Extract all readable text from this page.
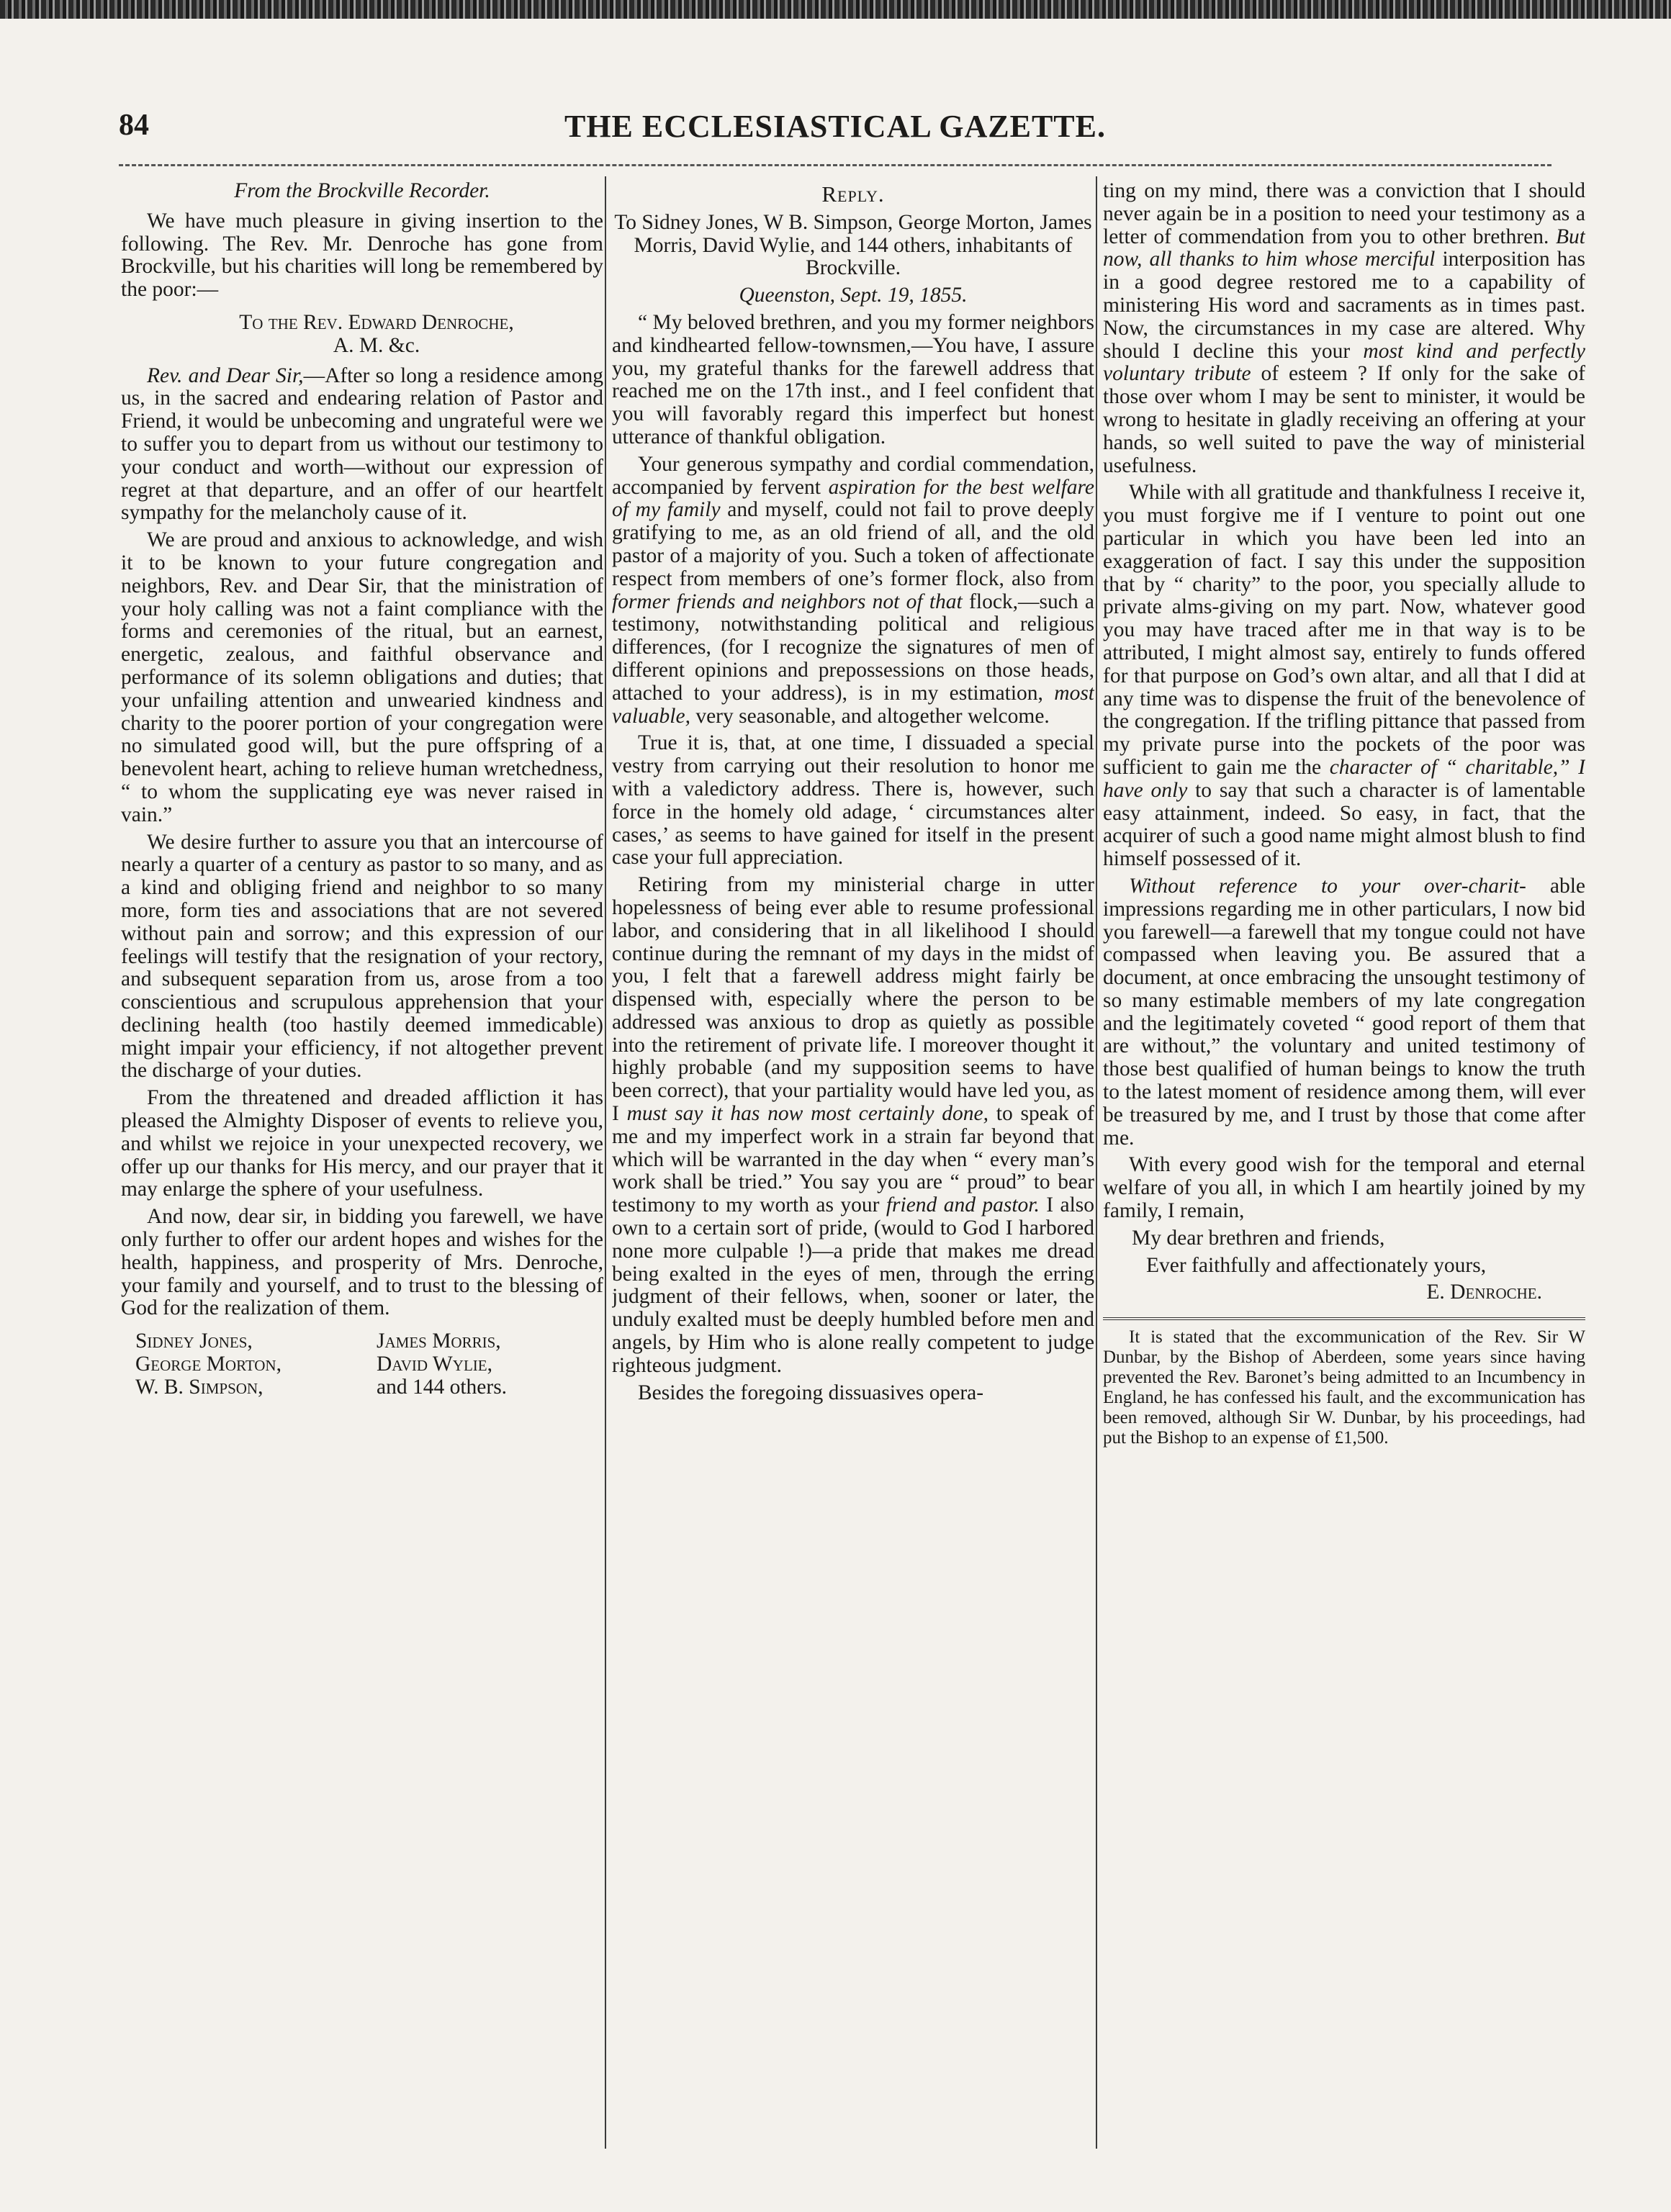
84	THE ECCLESIASTICAL GAZETTE.

From the Brockville Recorder.

We have much pleasure in giving insertion to the following. The Rev. Mr. Denroche has gone from Brockville, but his charities will long be remembered by the poor:—

To the Rev. Edward Denroche,
A. M. &c.

Rev. and Dear Sir,—After so long a residence among us, in the sacred and endearing relation of Pastor and Friend, it would be unbecoming and ungrateful were we to suffer you to depart from us without our testimony to your conduct and worth—without our expression of regret at that departure, and an offer of our heartfelt sympathy for the melancholy cause of it.

We are proud and anxious to acknowledge, and wish it to be known to your future congregation and neighbors, Rev. and Dear Sir, that the ministration of your holy calling was not a faint compliance with the forms and ceremonies of the ritual, but an earnest, energetic, zealous, and faithful observance and performance of its solemn obligations and duties; that your unfailing attention and unwearied kindness and charity to the poorer portion of your congregation were no simulated good will, but the pure offspring of a benevolent heart, aching to relieve human wretchedness, “ to whom the supplicating eye was never raised in vain.”

We desire further to assure you that an intercourse of nearly a quarter of a century as pastor to so many, and as a kind and obliging friend and neighbor to so many more, form ties and associations that are not severed without pain and sorrow; and this expression of our feelings will testify that the resignation of your rectory, and subsequent separation from us, arose from a too conscientious and scrupulous apprehension that your declining health (too hastily deemed immedicable) might impair your efficiency, if not altogether prevent the discharge of your duties.

From the threatened and dreaded affliction it has pleased the Almighty Disposer of events to relieve you, and whilst we rejoice in your unexpected recovery, we offer up our thanks for His mercy, and our prayer that it may enlarge the sphere of your usefulness.

And now, dear sir, in bidding you farewell, we have only further to offer our ardent hopes and wishes for the health, happiness, and prosperity of Mrs. Denroche, your family and yourself, and to trust to the blessing of God for the realization of them.

Sidney Jones,	James Morris,
George Morton,	David Wylie,
W. B. Simpson,	and 144 others.

Reply.

To Sidney Jones, W B. Simpson, George Morton, James Morris, David Wylie, and 144 others, inhabitants of Brockville.

Queenston, Sept. 19, 1855.

“ My beloved brethren, and you my former neighbors and kindhearted fellow-townsmen,—You have, I assure you, my grateful thanks for the farewell address that reached me on the 17th inst., and I feel confident that you will favorably regard this imperfect but honest utterance of thankful obligation.

Your generous sympathy and cordial commendation, accompanied by fervent aspiration for the best welfare of my family and myself, could not fail to prove deeply gratifying to me, as an old friend of all, and the old pastor of a majority of you. Such a token of affectionate respect from members of one’s former flock, also from former friends and neighbors not of that flock,—such a testimony, notwithstanding political and religious differences, (for I recognize the signatures of men of different opinions and prepossessions on those heads, attached to your address), is in my estimation, most valuable, very seasonable, and altogether welcome.

True it is, that, at one time, I dissuaded a special vestry from carrying out their resolution to honor me with a valedictory address. There is, however, such force in the homely old adage, ‘ circumstances alter cases,’ as seems to have gained for itself in the present case your full appreciation.

Retiring from my ministerial charge in utter hopelessness of being ever able to resume professional labor, and considering that in all likelihood I should continue during the remnant of my days in the midst of you, I felt that a farewell address might fairly be dispensed with, especially where the person to be addressed was anxious to drop as quietly as possible into the retirement of private life. I moreover thought it highly probable (and my supposition seems to have been correct), that your partiality would have led you, as I must say it has now most certainly done, to speak of me and my imperfect work in a strain far beyond that which will be warranted in the day when “ every man’s work shall be tried.” You say you are “ proud” to bear testimony to my worth as your friend and pastor. I also own to a certain sort of pride, (would to God I harbored none more culpable !)—a pride that makes me dread being exalted in the eyes of men, through the erring judgment of their fellows, when, sooner or later, the unduly exalted must be deeply humbled before men and angels, by Him who is alone really competent to judge righteous judgment.

Besides the foregoing dissuasives opera-

ting on my mind, there was a conviction that I should never again be in a position to need your testimony as a letter of commendation from you to other brethren. But now, all thanks to him whose merciful interposition has in a good degree restored me to a capability of ministering His word and sacraments as in times past. Now, the circumstances in my case are altered. Why should I decline this your most kind and perfectly voluntary tribute of esteem ? If only for the sake of those over whom I may be sent to minister, it would be wrong to hesitate in gladly receiving an offering at your hands, so well suited to pave the way of ministerial usefulness.

While with all gratitude and thankfulness I receive it, you must forgive me if I venture to point out one particular in which you have been led into an exaggeration of fact. I say this under the supposition that by “ charity” to the poor, you specially allude to private alms-giving on my part. Now, whatever good you may have traced after me in that way is to be attributed, I might almost say, entirely to funds offered for that purpose on God’s own altar, and all that I did at any time was to dispense the fruit of the benevolence of the congregation. If the trifling pittance that passed from my private purse into the pockets of the poor was sufficient to gain me the character of “ charitable,” I have only to say that such a character is of lamentable easy attainment, indeed. So easy, in fact, that the acquirer of such a good name might almost blush to find himself possessed of it.

Without reference to your over-charit- able impressions regarding me in other particulars, I now bid you farewell—a farewell that my tongue could not have compassed when leaving you. Be assured that a document, at once embracing the unsought testimony of so many estimable members of my late congregation and the legitimately coveted “ good report of them that are without,” the voluntary and united testimony of those best qualified of human beings to know the truth to the latest moment of residence among them, will ever be treasured by me, and I trust by those that come after me.

With every good wish for the temporal and eternal welfare of you all, in which I am heartily joined by my family, I remain,

My dear brethren and friends,

Ever faithfully and affectionately yours,

E. Denroche.

It is stated that the excommunication of the Rev. Sir W Dunbar, by the Bishop of Aberdeen, some years since having prevented the Rev. Baronet’s being admitted to an Incumbency in England, he has confessed his fault, and the excommunication has been removed, although Sir W. Dunbar, by his proceedings, had put the Bishop to an expense of £1,500.
